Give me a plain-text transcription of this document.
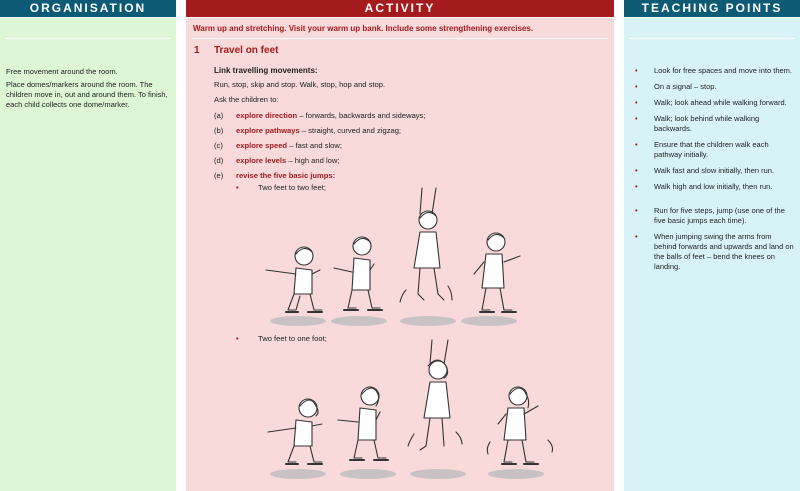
ORGANISATION

Free movement around the room.

Place domes/markers around the room. The children move in, out and around them. To finish, each child collects one dome/marker.

ACTIVITY
Warm up and stretching. Visit your warm up bank. Include some strengthening exercises.
1 Travel on feet
Link travelling movements:
Run, stop, skip and stop. Walk, stop, hop and stop.
Ask the children to:
(a) explore direction – forwards, backwards and sideways;
(b) explore pathways – straight, curved and zigzag;
(c) explore speed – fast and slow;
(d) explore levels – high and low;
(e) revise the five basic jumps:
•	Two feet to two feet;
•	Two feet to one foot;
TEACHING POINTS
• Look for free spaces and move into them.
• On a signal – stop.
• Walk; look ahead while walking forward.
• Walk; look behind while walking backwards.
• Ensure that the children walk each pathway initially.
• Walk fast and slow initially, then run.
• Walk high and low initially, then run.
• Run for five steps, jump (use one of the five basic jumps each time).
• When jumping swing the arms from behind forwards and upwards and land on the balls of feet – bend the knees on landing.
